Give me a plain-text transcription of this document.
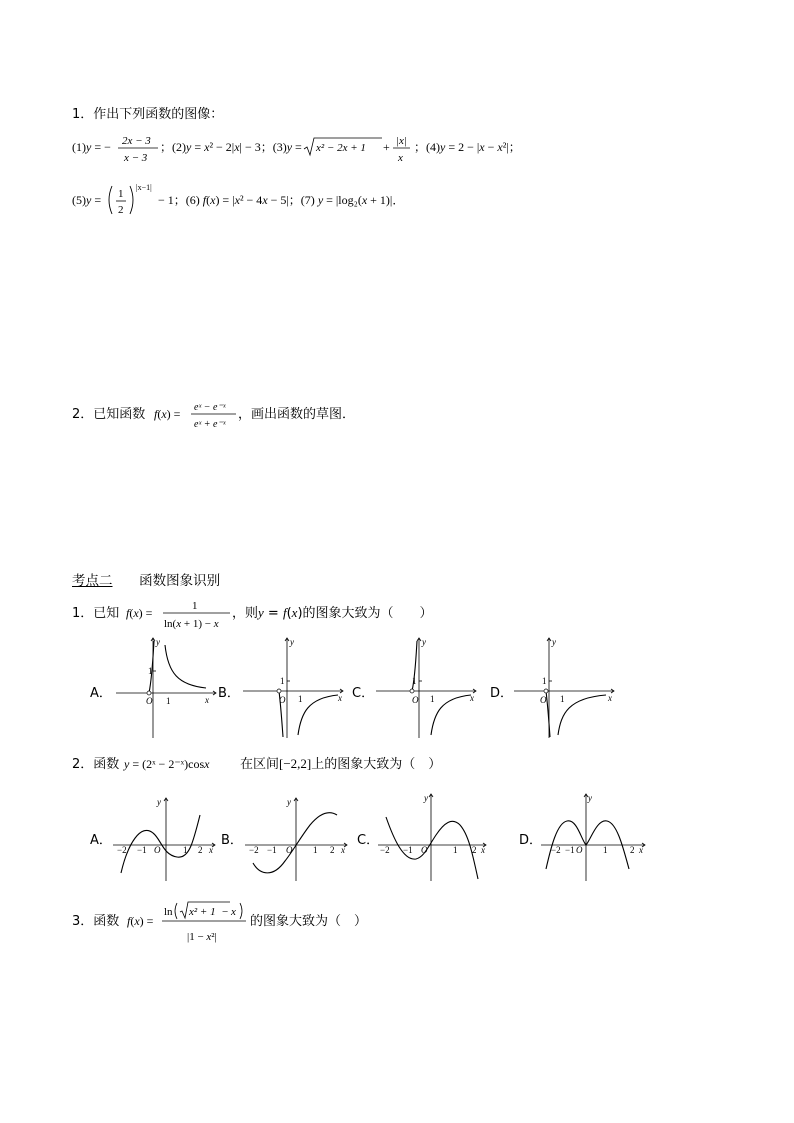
1．作出下列函数的图像：
(1)y = − 2x − 3
x − 3
；(2)y = x² − 2|x| − 3；(3)y = x² − 2x + 1 + |x|
x
；(4)y = 2 − |x − x²|；
(5)y = 1
2
|x−1|
− 1；(6) f(x) = |x² − 4x − 5|；(7) y = |log₂(x + 1)|．
2．已知函数 f(x) = eˣ − e⁻ˣ
eˣ + e⁻ˣ
，画出函数的草图．
考点二 函数图象识别
1．已知 f(x) =	1
ln(x + 1) − x
，则y = f(x)的图象大致为（　　）
A．
1
y
x
O 1	B．
1
y
x
O 1	C．
1
y
x
O 1	D．
1
y
x
O 1
2．函数 y = (2ˣ − 2⁻ˣ)cosx 在区间[−2,2]上的图象大致为（　）
A．
y
x
−2 −1 O	1 2
B．
y
x
−2 −1 O 1 2
C．
y
x
−2 −1 O	1 2
D．
y
x
−2 −1 O 1	2
3．函数 f(x) =
ln x² + 1 − x
|1 − x²|
的图象大致为（　）
